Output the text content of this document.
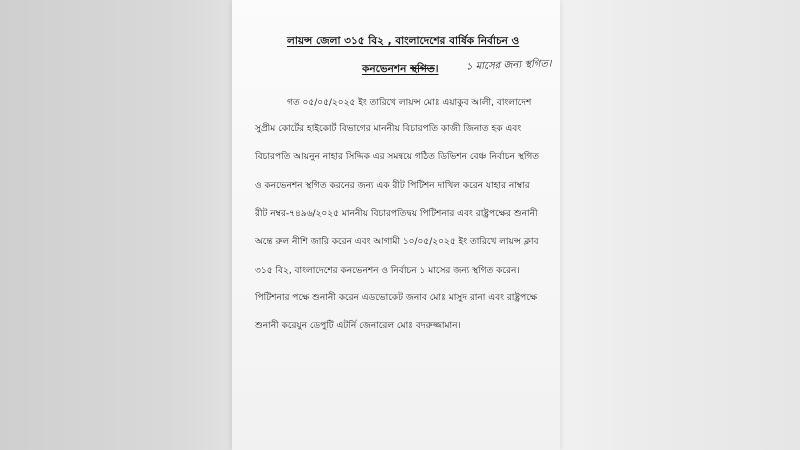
লায়ন্স জেলা ৩১৫ বি২ , বাংলাদেশের বার্ষিক নির্বাচন ও
কনভেনশন স্থগিত।	১ মাসের জন্য স্থগিত।
গত ০৫/০৫/২০২৫ ইং তারিখে লায়ন্স মোঃ এয়াকুব আলী, বাংলাদেশ
সুপ্রীম কোর্টের হাইকোর্ট বিভাগের মাননীয় বিচারপতি কাজী জিনাত হক এবং
বিচারপতি আয়নুন নাহার সিদ্দিক এর সমন্বয়ে গঠিত ডিভিশন বেঞ্চ নির্বাচন স্থগিত
ও কনভেনশন স্থগিত করনের জন্য এক রীট পিটিশন দাখিল করেন যাহার নাম্বার
রীট নম্বর-৭৪৯৬/২০২৫ মাননীয় বিচারপতিদ্বয় পিটিশনার এবং রাষ্ট্রপক্ষের শুনানী
অন্তে রুল নীশি জারি করেন এবং আগামী ১০/০৫/২০২৫ ইং তারিখে লায়ন্স ক্লাব
৩১৫ বি২, বাংলাদেশের কনভেনশন ও নির্বাচন ১ মাসের জন্য স্থগিত করেন।
পিটিশনার পক্ষে শুনানী করেন এডভোকেট জনাব মোঃ মাসুদ রানা এবং রাষ্ট্রপক্ষে
শুনানী করেযুন ডেপুটি এটর্নি জেনারেল মোঃ বদরুজ্জামান।
